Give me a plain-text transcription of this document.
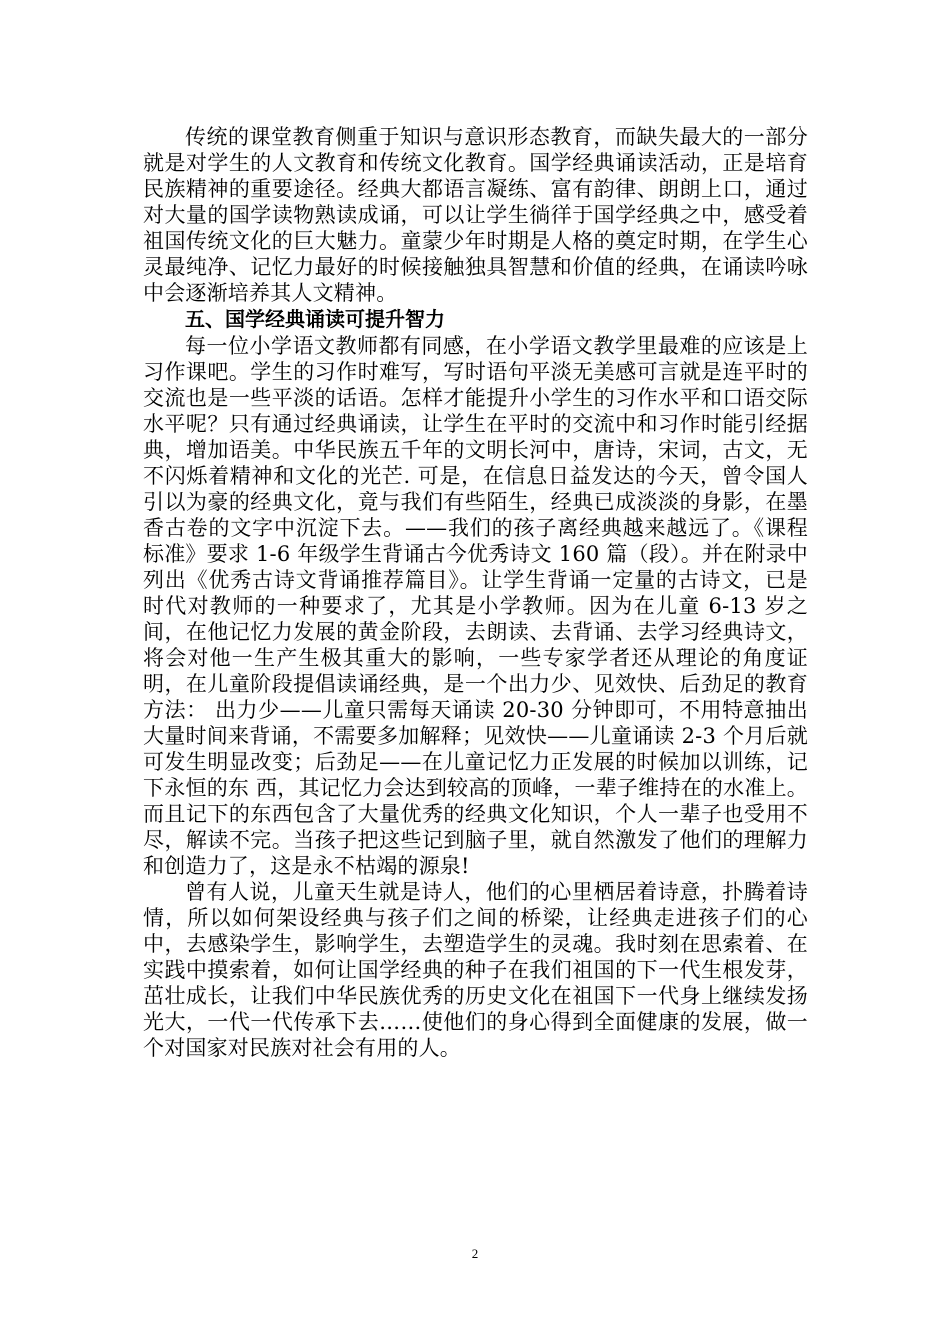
传统的课堂教育侧重于知识与意识形态教育，而缺失最大的一部分就是对学生的人文教育和传统文化教育。国学经典诵读活动，正是培育民族精神的重要途径。经典大都语言凝练、富有韵律、朗朗上口，通过对大量的国学读物熟读成诵，可以让学生徜徉于国学经典之中，感受着祖国传统文化的巨大魅力。童蒙少年时期是人格的奠定时期，在学生心灵最纯净、记忆力最好的时候接触独具智慧和价值的经典，在诵读吟咏中会逐渐培养其人文精神。

五、国学经典诵读可提升智力

每一位小学语文教师都有同感，在小学语文教学里最难的应该是上习作课吧。学生的习作时难写，写时语句平淡无美感可言就是连平时的交流也是一些平淡的话语。怎样才能提升小学生的习作水平和口语交际水平呢？只有通过经典诵读，让学生在平时的交流中和习作时能引经据典，增加语美。中华民族五千年的文明长河中，唐诗，宋词，古文，无不闪烁着精神和文化的光芒. 可是，在信息日益发达的今天，曾令国人引以为豪的经典文化，竟与我们有些陌生，经典已成淡淡的身影，在墨香古卷的文字中沉淀下去。——我们的孩子离经典越来越远了。《课程标准》要求 1-6 年级学生背诵古今优秀诗文 160 篇（段）。并在附录中列出《优秀古诗文背诵推荐篇目》。让学生背诵一定量的古诗文，已是时代对教师的一种要求了，尤其是小学教师。因为在儿童 6-13 岁之间，在他记忆力发展的黄金阶段，去朗读、去背诵、去学习经典诗文，将会对他一生产生极其重大的影响，一些专家学者还从理论的角度证明，在儿童阶段提倡读诵经典，是一个出力少、见效快、后劲足的教育方法： 出力少——儿童只需每天诵读 20-30 分钟即可，不用特意抽出大量时间来背诵，不需要多加解释；见效快——儿童诵读 2-3 个月后就可发生明显改变；后劲足——在儿童记忆力正发展的时候加以训练，记下永恒的东 西，其记忆力会达到较高的顶峰，一辈子维持在的水准上。而且记下的东西包含了大量优秀的经典文化知识，个人一辈子也受用不尽，解读不完。当孩子把这些记到脑子里，就自然激发了他们的理解力和创造力了，这是永不枯竭的源泉!

曾有人说，儿童天生就是诗人，他们的心里栖居着诗意，扑腾着诗情，所以如何架设经典与孩子们之间的桥梁，让经典走进孩子们的心中，去感染学生，影响学生，去塑造学生的灵魂。我时刻在思索着、在实践中摸索着，如何让国学经典的种子在我们祖国的下一代生根发芽，茁壮成长，让我们中华民族优秀的历史文化在祖国下一代身上继续发扬光大，一代一代传承下去……使他们的身心得到全面健康的发展，做一个对国家对民族对社会有用的人。

2
